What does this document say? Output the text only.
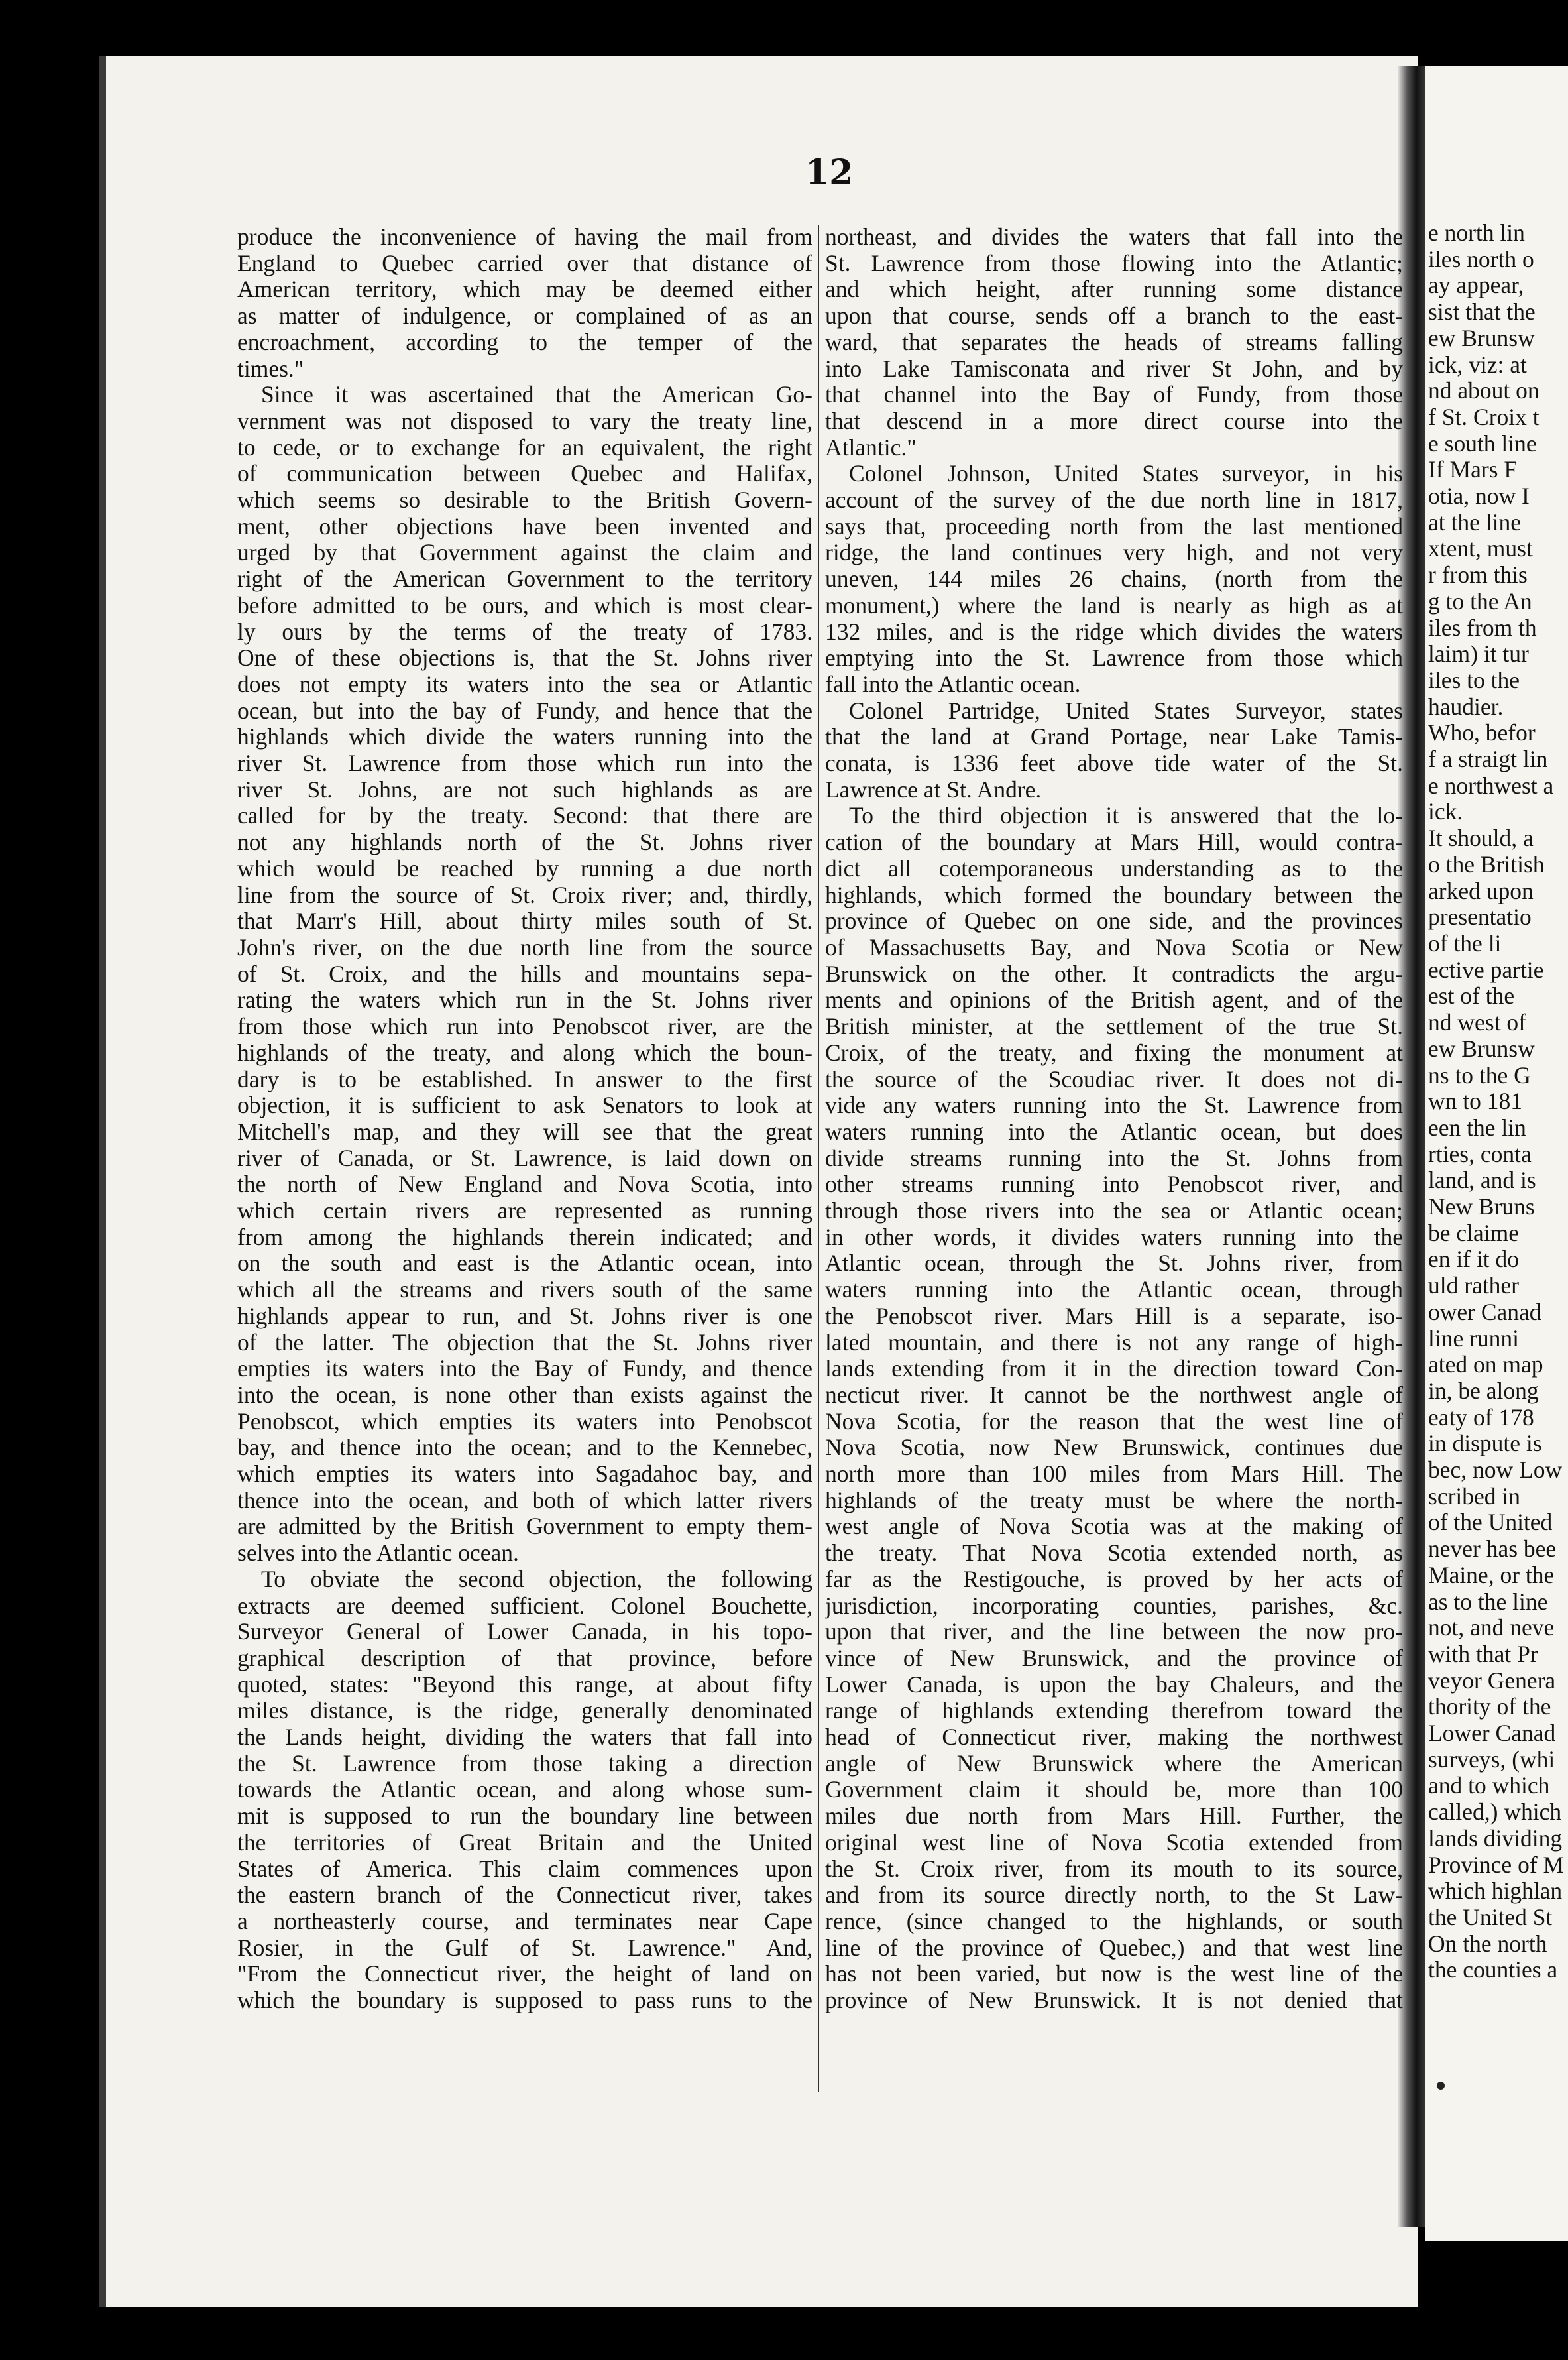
12

produce the inconvenience of having the mail from

England to Quebec carried over that distance of

American territory, which may be deemed either

as matter of indulgence, or complained of as an

encroachment, according to the temper of the

times."

Since it was ascertained that the American Go-

vernment was not disposed to vary the treaty line,

to cede, or to exchange for an equivalent, the right

of communication between Quebec and Halifax,

which seems so desirable to the British Govern-

ment, other objections have been invented and

urged by that Government against the claim and

right of the American Government to the territory

before admitted to be ours, and which is most clear-

ly ours by the terms of the treaty of 1783.

One of these objections is, that the St. Johns river

does not empty its waters into the sea or Atlantic

ocean, but into the bay of Fundy, and hence that the

highlands which divide the waters running into the

river St. Lawrence from those which run into the

river St. Johns, are not such highlands as are

called for by the treaty. Second: that there are

not any highlands north of the St. Johns river

which would be reached by running a due north

line from the source of St. Croix river; and, thirdly,

that Marr's Hill, about thirty miles south of St.

John's river, on the due north line from the source

of St. Croix, and the hills and mountains sepa-

rating the waters which run in the St. Johns river

from those which run into Penobscot river, are the

highlands of the treaty, and along which the boun-

dary is to be established. In answer to the first

objection, it is sufficient to ask Senators to look at

Mitchell's map, and they will see that the great

river of Canada, or St. Lawrence, is laid down on

the north of New England and Nova Scotia, into

which certain rivers are represented as running

from among the highlands therein indicated; and

on the south and east is the Atlantic ocean, into

which all the streams and rivers south of the same

highlands appear to run, and St. Johns river is one

of the latter. The objection that the St. Johns river

empties its waters into the Bay of Fundy, and thence

into the ocean, is none other than exists against the

Penobscot, which empties its waters into Penobscot

bay, and thence into the ocean; and to the Kennebec,

which empties its waters into Sagadahoc bay, and

thence into the ocean, and both of which latter rivers

are admitted by the British Government to empty them-

selves into the Atlantic ocean.

To obviate the second objection, the following

extracts are deemed sufficient. Colonel Bouchette,

Surveyor General of Lower Canada, in his topo-

graphical description of that province, before

quoted, states: "Beyond this range, at about fifty

miles distance, is the ridge, generally denominated

the Lands height, dividing the waters that fall into

the St. Lawrence from those taking a direction

towards the Atlantic ocean, and along whose sum-

mit is supposed to run the boundary line between

the territories of Great Britain and the United

States of America. This claim commences upon

the eastern branch of the Connecticut river, takes

a northeasterly course, and terminates near Cape

Rosier, in the Gulf of St. Lawrence." And,

"From the Connecticut river, the height of land on

which the boundary is supposed to pass runs to the

northeast, and divides the waters that fall into the

St. Lawrence from those flowing into the Atlantic;

and which height, after running some distance

upon that course, sends off a branch to the east-

ward, that separates the heads of streams falling

into Lake Tamisconata and river St John, and by

that channel into the Bay of Fundy, from those

that descend in a more direct course into the

Atlantic."

Colonel Johnson, United States surveyor, in his

account of the survey of the due north line in 1817,

says that, proceeding north from the last mentioned

ridge, the land continues very high, and not very

uneven, 144 miles 26 chains, (north from the

monument,) where the land is nearly as high as at

132 miles, and is the ridge which divides the waters

emptying into the St. Lawrence from those which

fall into the Atlantic ocean.

Colonel Partridge, United States Surveyor, states

that the land at Grand Portage, near Lake Tamis-

conata, is 1336 feet above tide water of the St.

Lawrence at St. Andre.

To the third objection it is answered that the lo-

cation of the boundary at Mars Hill, would contra-

dict all cotemporaneous understanding as to the

highlands, which formed the boundary between the

province of Quebec on one side, and the provinces

of Massachusetts Bay, and Nova Scotia or New

Brunswick on the other. It contradicts the argu-

ments and opinions of the British agent, and of the

British minister, at the settlement of the true St.

Croix, of the treaty, and fixing the monument at

the source of the Scoudiac river. It does not di-

vide any waters running into the St. Lawrence from

waters running into the Atlantic ocean, but does

divide streams running into the St. Johns from

other streams running into Penobscot river, and

through those rivers into the sea or Atlantic ocean;

in other words, it divides waters running into the

Atlantic ocean, through the St. Johns river, from

waters running into the Atlantic ocean, through

the Penobscot river. Mars Hill is a separate, iso-

lated mountain, and there is not any range of high-

lands extending from it in the direction toward Con-

necticut river. It cannot be the northwest angle of

Nova Scotia, for the reason that the west line of

Nova Scotia, now New Brunswick, continues due

north more than 100 miles from Mars Hill. The

highlands of the treaty must be where the north-

west angle of Nova Scotia was at the making of

the treaty. That Nova Scotia extended north, as

far as the Restigouche, is proved by her acts of

jurisdiction, incorporating counties, parishes, &c.

upon that river, and the line between the now pro-

vince of New Brunswick, and the province of

Lower Canada, is upon the bay Chaleurs, and the

range of highlands extending therefrom toward the

head of Connecticut river, making the northwest

angle of New Brunswick where the American

Government claim it should be, more than 100

miles due north from Mars Hill. Further, the

original west line of Nova Scotia extended from

the St. Croix river, from its mouth to its source,

and from its source directly north, to the St Law-

rence, (since changed to the highlands, or south

line of the province of Quebec,) and that west line

has not been varied, but now is the west line of the

province of New Brunswick. It is not denied that

e north lin

iles north o

ay appear,

sist that the

ew Brunsw

ick, viz: at

nd about on

f St. Croix t

e south line

If Mars F

otia, now I

at the line

xtent, must

r from this

g to the An

iles from th

laim) it tur

iles to the

haudier.

Who, befor

f a straigt lin

e northwest a

ick.

It should, a

o the British

arked upon

presentatio

of the li

ective partie

est of the

nd west of

ew Brunsw

ns to the G

wn to 181

een the lin

rties, conta

land, and is

New Bruns

be claime

en if it do

uld rather

ower Canad

line runni

ated on map

in, be along

eaty of 178

in dispute is

bec, now Low

scribed in

of the United

never has bee

Maine, or the

as to the line

not, and neve

with that Pr

veyor Genera

thority of the

Lower Canad

surveys, (whi

and to which

called,) which

lands dividing

Province of M

which highlan

the United St

On the north

the counties a
